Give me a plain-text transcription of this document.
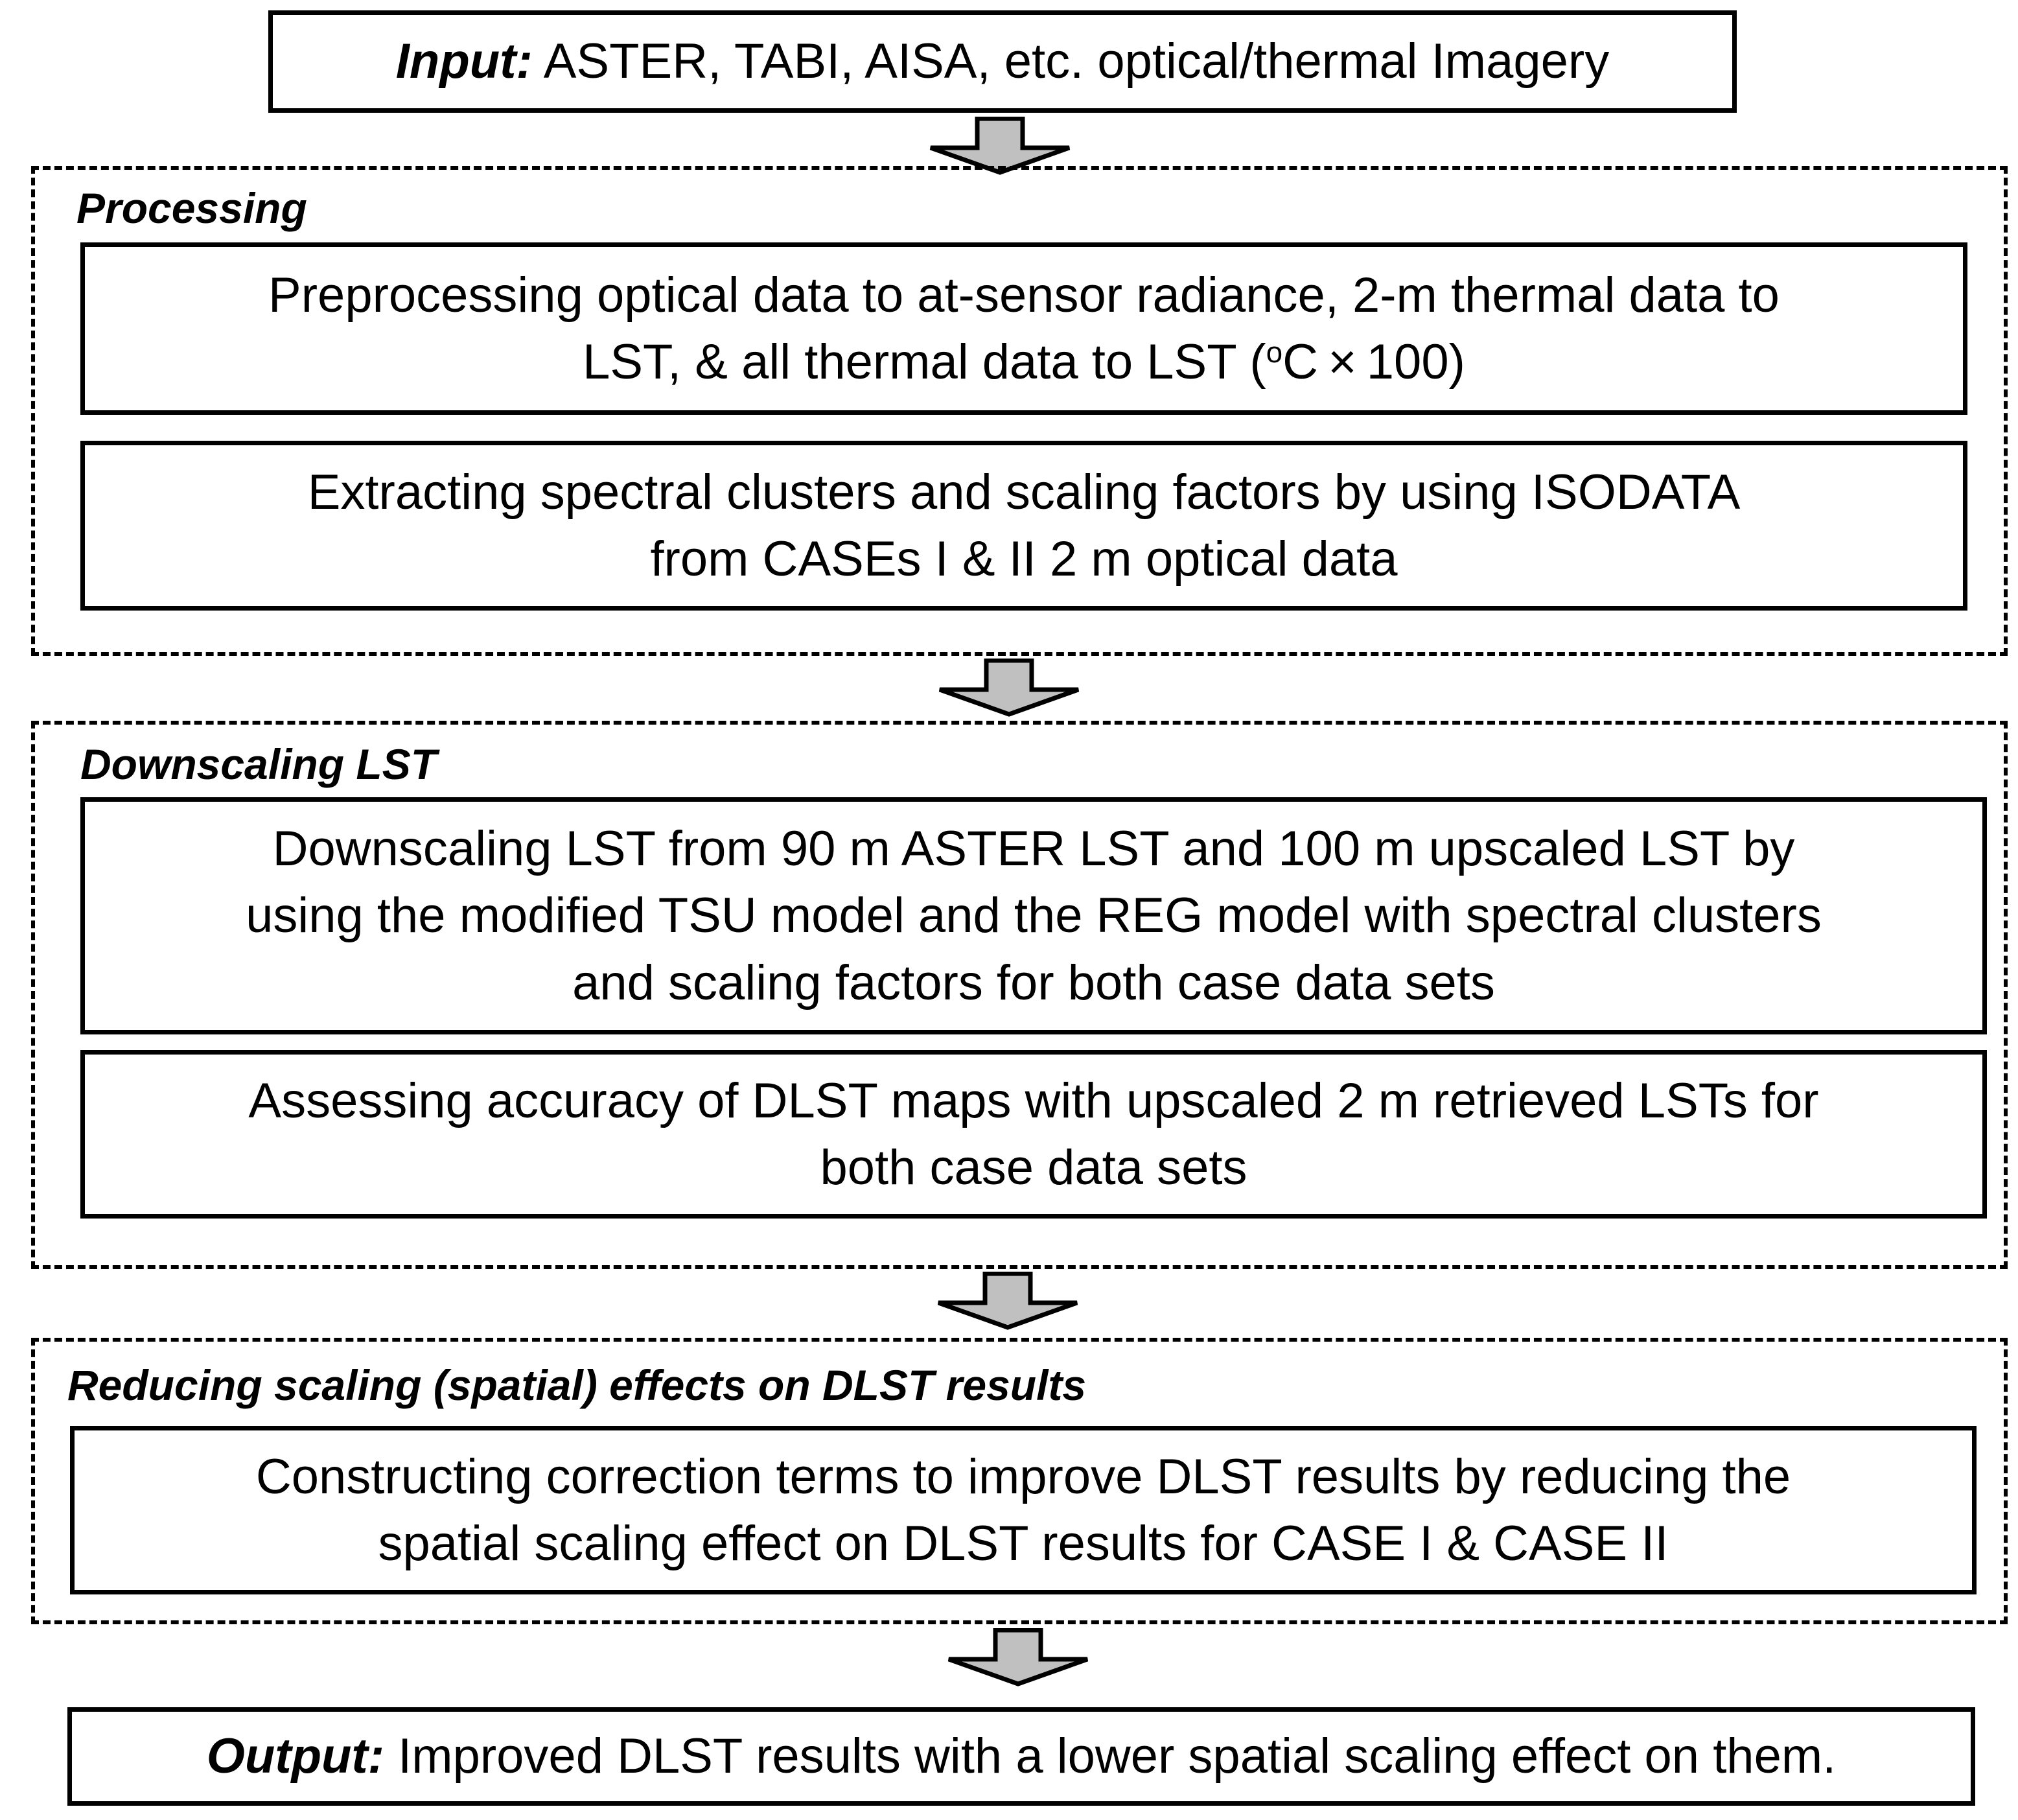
Input: ASTER, TABI, AISA, etc. optical/thermal Imagery
Processing
Preprocessing optical data to at-sensor radiance, 2-m thermal data to
LST, & all thermal data to LST ($^o$C × 100)
Extracting spectral clusters and scaling factors by using ISODATA
from CASEs I & II 2 m optical data
Downscaling LST
Downscaling LST from 90 m ASTER LST and 100 m upscaled LST by
using the modified TSU model and the REG model with spectral clusters
and scaling factors for both case data sets
Assessing accuracy of DLST maps with upscaled 2 m retrieved LSTs for
both case data sets
Reducing scaling (spatial) effects on DLST results
Constructing correction terms to improve DLST results by reducing the
spatial scaling effect on DLST results for CASE I & CASE II
Output: Improved DLST results with a lower spatial scaling effect on them.
